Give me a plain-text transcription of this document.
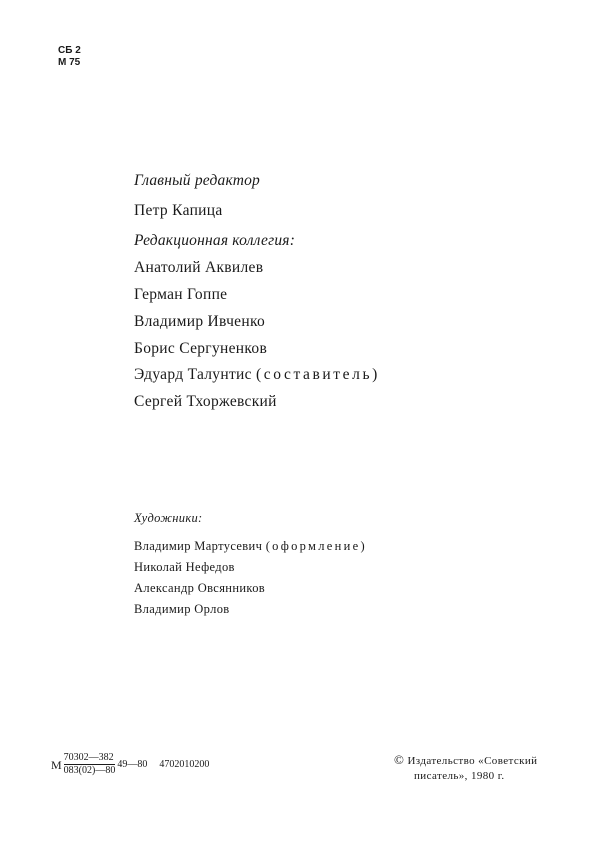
СБ 2
М 75
Главный редактор
Петр Капица
Редакционная коллегия:
Анатолий Аквилев
Герман Гоппе
Владимир Ивченко
Борис Сергуненков
Эдуард Талунтис (составитель)
Сергей Тхоржевский
Художники:
Владимир Мартусевич (оформление)
Николай Нефедов
Александр Овсянников
Владимир Орлов
М $\frac{70302—382}{083(02)—80}$ 49—80 4702010200	© Издательство «Советский
писатель», 1980 г.
